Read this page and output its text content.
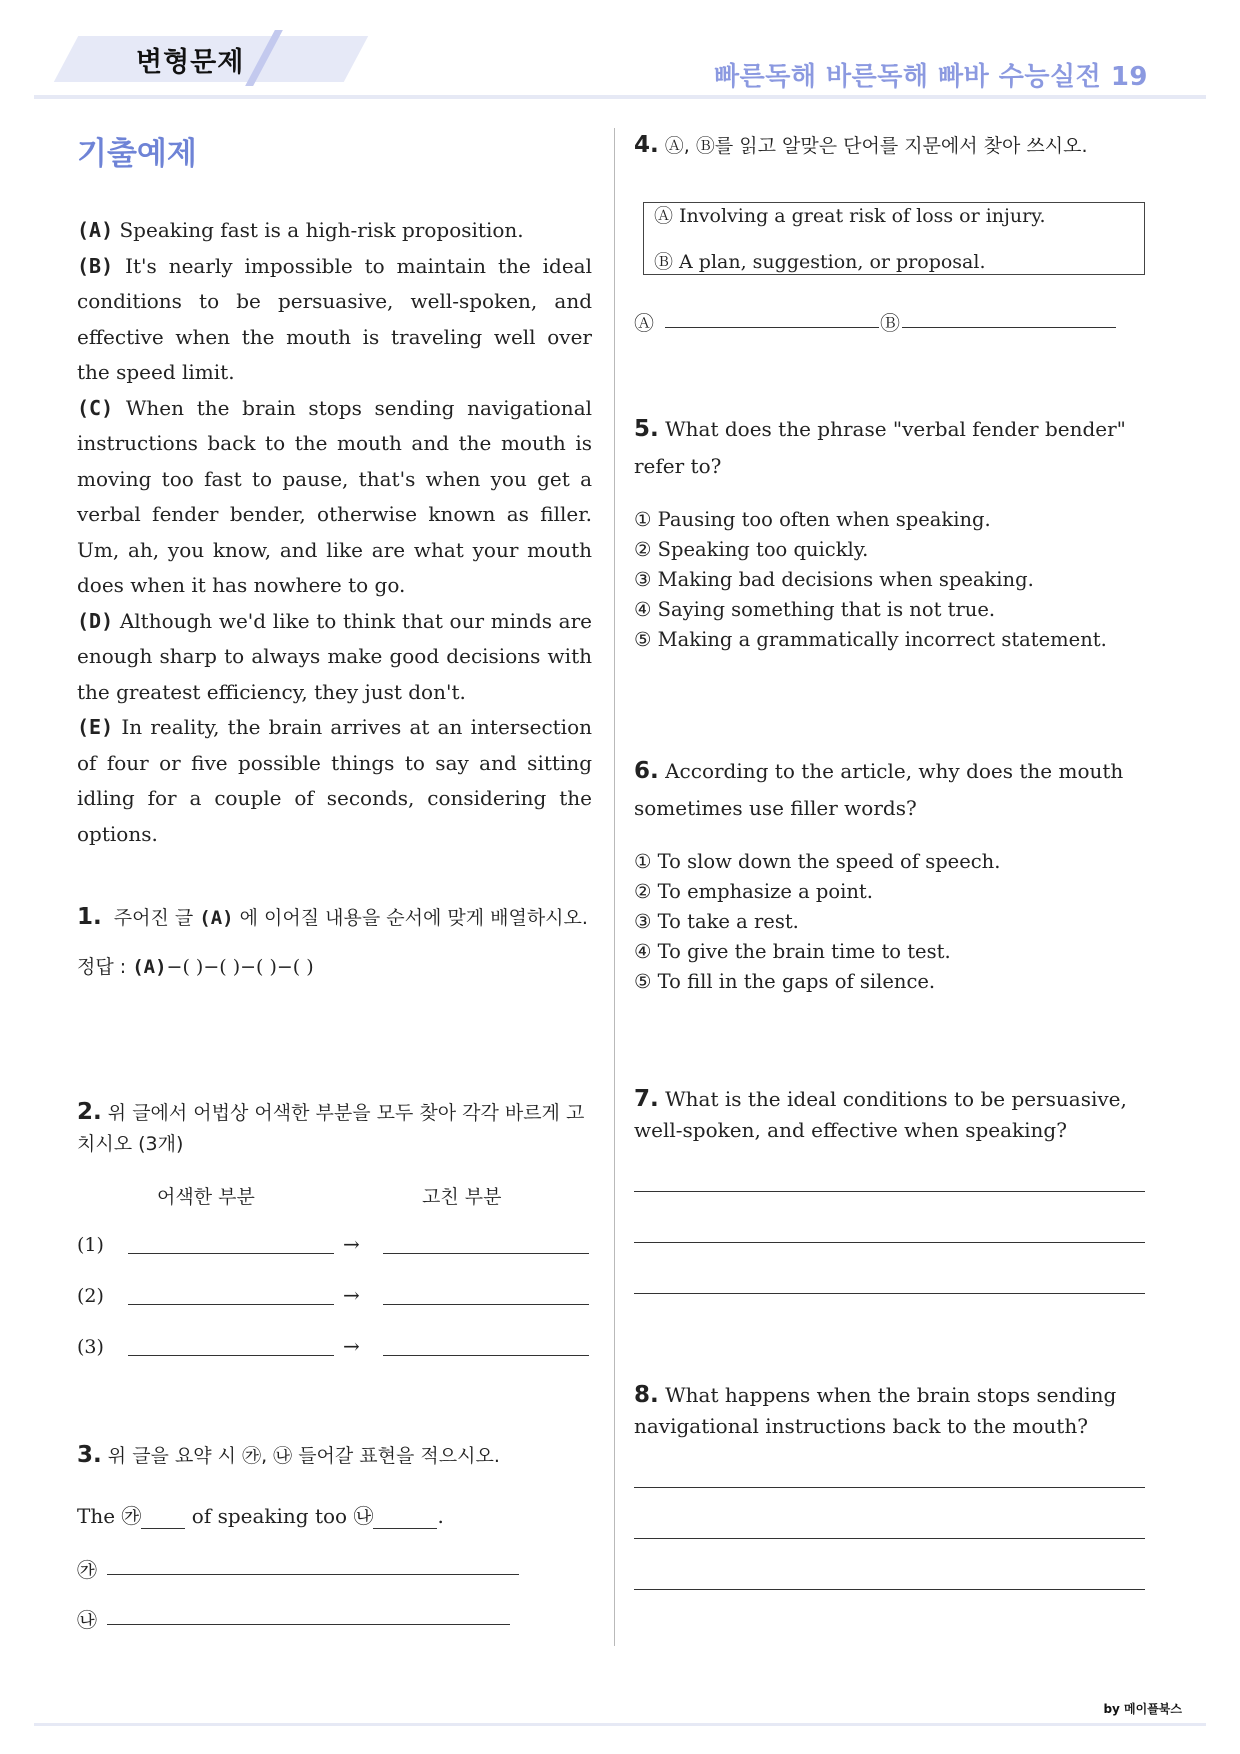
변형문제	빠른독해 바른독해 빠바 수능실전 19
기출예제
(A) Speaking fast is a high-risk proposition.
(B) It's nearly impossible to maintain the ideal conditions to be persuasive, well-spoken, and effective when the mouth is traveling well over the speed limit.
(C) When the brain stops sending navigational instructions back to the mouth and the mouth is moving too fast to pause, that's when you get a verbal fender bender, otherwise known as filler. Um, ah, you know, and like are what your mouth does when it has nowhere to go.
(D) Although we'd like to think that our minds are enough sharp to always make good decisions with the greatest efficiency, they just don't.
(E) In reality, the brain arrives at an intersection of four or five possible things to say and sitting idling for a couple of seconds, considering the options.
1. 주어진 글 (A) 에 이어질 내용을 순서에 맞게 배열하시오.
정답 : (A)−( )−( )−( )−( )
2. 위 글에서 어법상 어색한 부분을 모두 찾아 각각 바르게 고치시오 (3개)
어색한 부분	고친 부분
(1)	→
(2)	→
(3)	→
3. 위 글을 요약 시 ㉮, ㉯ 들어갈 표현을 적으시오.
The ㉮ of speaking too ㉯	.
㉮
㉯
4. Ⓐ, Ⓑ를 읽고 알맞은 단어를 지문에서 찾아 쓰시오.
Ⓐ Involving a great risk of loss or injury.
Ⓑ A plan, suggestion, or proposal.
Ⓐ	Ⓑ
5. What does the phrase "verbal fender bender" refer to?
① Pausing too often when speaking.
② Speaking too quickly.
③ Making bad decisions when speaking.
④ Saying something that is not true.
⑤ Making a grammatically incorrect statement.
6. According to the article, why does the mouth sometimes use filler words?
① To slow down the speed of speech.
② To emphasize a point.
③ To take a rest.
④ To give the brain time to test.
⑤ To fill in the gaps of silence.
7. What is the ideal conditions to be persuasive, well-spoken, and effective when speaking?
8. What happens when the brain stops sending navigational instructions back to the mouth?
by 메이플북스
